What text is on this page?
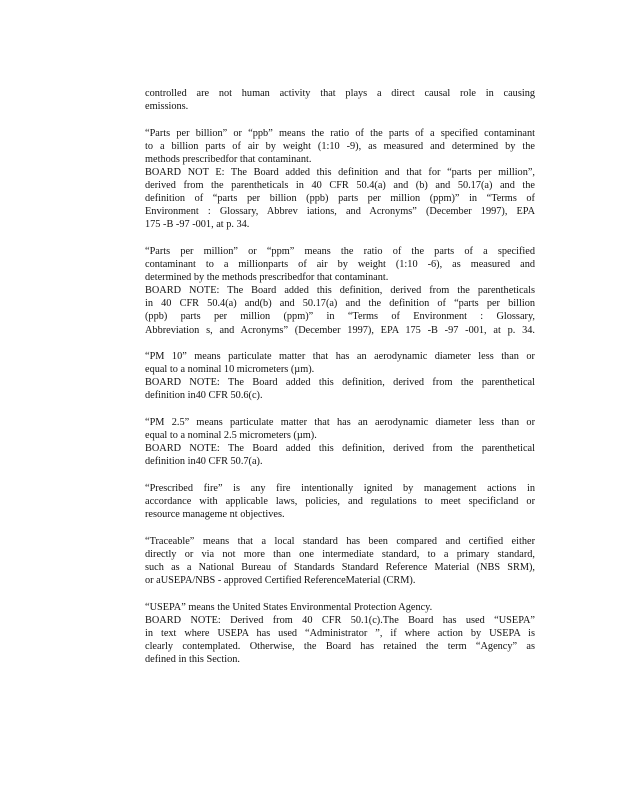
controlled are not human activity that plays a direct causal role in causing
emissions.
“Parts per billion” or “ppb” means the ratio of the parts of a specified contaminant
to a billion parts of air by weight (1:10 -9), as measured and determined by the
methods prescribedfor that contaminant.
BOARD NOT E: The Board added this definition and that for “parts per million”,
derived from the parentheticals in 40 CFR 50.4(a) and (b) and 50.17(a) and the
definition of “parts per billion (ppb) parts per million (ppm)” in “Terms of
Environment : Glossary, Abbrev iations, and Acronyms” (December 1997), EPA
175 -B -97 -001, at p. 34.
“Parts per million” or “ppm” means the ratio of the parts of a specified
contaminant to a millionparts of air by weight (1:10 -6), as measured and
determined by the methods prescribedfor that contaminant.
BOARD NOTE: The Board added this definition, derived from the parentheticals
in 40 CFR 50.4(a) and(b) and 50.17(a) and the definition of “parts per billion
(ppb) parts per million (ppm)” in “Terms of Environment : Glossary,
Abbreviation s, and Acronyms” (December 1997), EPA 175 -B -97 -001, at p. 34.
“PM 10” means particulate matter that has an aerodynamic diameter less than or
equal to a nominal 10 micrometers (µm).
BOARD NOTE: The Board added this definition, derived from the parenthetical
definition in40 CFR 50.6(c).
“PM 2.5” means particulate matter that has an aerodynamic diameter less than or
equal to a nominal 2.5 micrometers (µm).
BOARD NOTE: The Board added this definition, derived from the parenthetical
definition in40 CFR 50.7(a).
“Prescribed fire” is any fire intentionally ignited by management actions in
accordance with applicable laws, policies, and regulations to meet specificland or
resource manageme nt objectives.
“Traceable” means that a local standard has been compared and certified either
directly or via not more than one intermediate standard, to a primary standard,
such as a National Bureau of Standards Standard Reference Material (NBS SRM),
or aUSEPA/NBS - approved Certified ReferenceMaterial (CRM).
“USEPA” means the United States Environmental Protection Agency.
BOARD NOTE: Derived from 40 CFR 50.1(c).The Board has used “USEPA”
in text where USEPA has used “Administrator ”, if where action by USEPA is
clearly contemplated. Otherwise, the Board has retained the term “Agency” as
defined in this Section.
